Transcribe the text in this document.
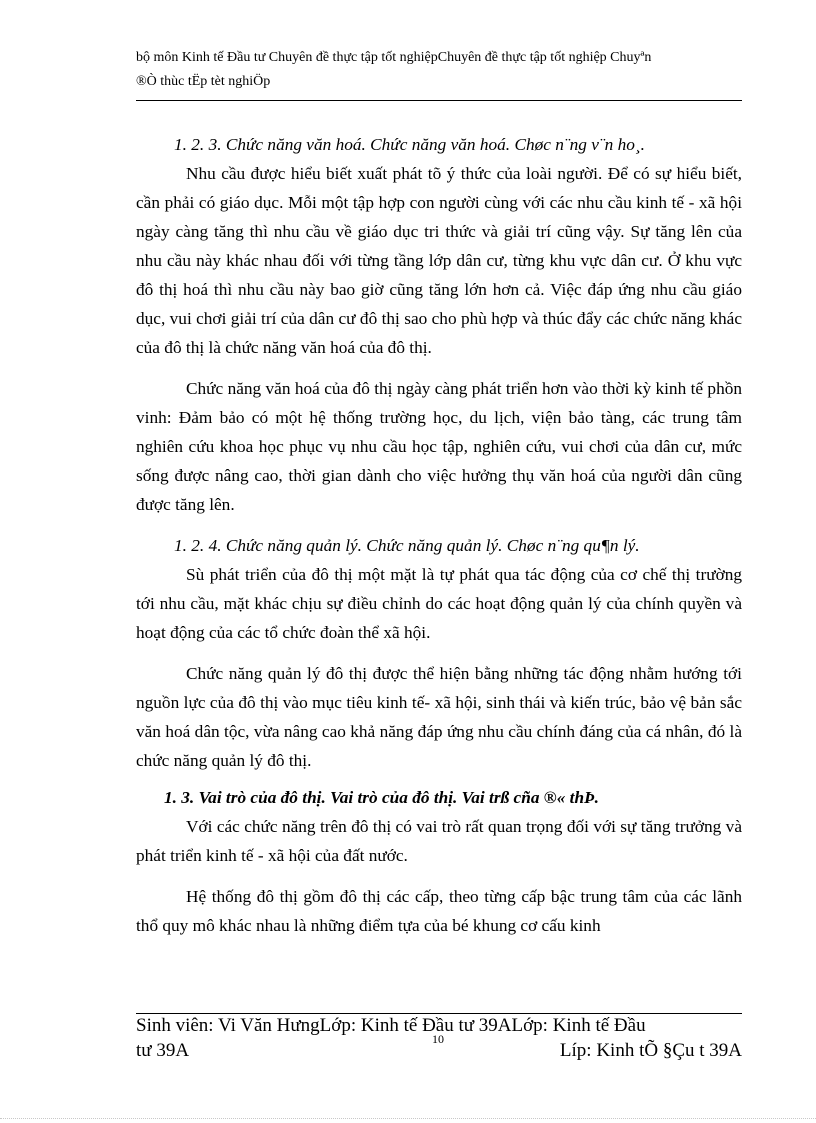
bộ môn Kinh tế Đầu tư Chuyên đề thực tập tốt nghiệpChuyên đề thực tập tốt nghiệp Chuyªn
®Ò thùc tËp tèt nghiÖp

1. 2. 3. Chức năng văn hoá. Chức năng văn hoá. Chøc n¨ng v¨n ho¸.

Nhu cầu được hiểu biết xuất phát tõ ý thức của loài người. Để có sự hiểu biết, cần phải có giáo dục. Mỗi một tập hợp con người cùng với các nhu cầu kinh tế - xã hội ngày càng tăng thì nhu cầu về giáo dục tri thức và giải trí cũng vậy. Sự tăng lên của nhu cầu này khác nhau đối với từng tầng lớp dân cư, từng khu vực dân cư. Ở khu vực đô thị hoá thì nhu cầu này bao giờ cũng tăng lớn hơn cả. Việc đáp ứng nhu cầu giáo dục, vui chơi giải trí của dân cư đô thị sao cho phù hợp và thúc đẩy các chức năng khác của đô thị là chức năng văn hoá của đô thị.

Chức năng văn hoá của đô thị ngày càng phát triển hơn vào thời kỳ kinh tế phồn vinh: Đảm bảo có một hệ thống trường học, du lịch, viện bảo tàng, các trung tâm nghiên cứu khoa học phục vụ nhu cầu học tập, nghiên cứu, vui chơi của dân cư, mức sống được nâng cao, thời gian dành cho việc hưởng thụ văn hoá của người dân cũng được tăng lên.

1. 2. 4. Chức năng quản lý. Chức năng quản lý. Chøc n¨ng qu¶n lý.

Sù phát triển của đô thị một mặt là tự phát qua tác động của cơ chế thị trường tới nhu cầu, mặt khác chịu sự điều chỉnh do các hoạt động quản lý của chính quyền và hoạt động của các tổ chức đoàn thể xã hội.

Chức năng quản lý đô thị được thể hiện bằng những tác động nhằm hướng tới nguồn lực của đô thị vào mục tiêu kinh tế- xã hội, sinh thái và kiến trúc, bảo vệ bản sắc văn hoá dân tộc, vừa nâng cao khả năng đáp ứng nhu cầu chính đáng của cá nhân, đó là chức năng quản lý đô thị.

1. 3. Vai trò của đô thị. Vai trò của đô thị. Vai trß cña ®« thÞ.

Với các chức năng trên đô thị có vai trò rất quan trọng đối với sự tăng trưởng và phát triển kinh tế - xã hội của đất nước.

Hệ thống đô thị gồm đô thị các cấp, theo từng cấp bậc trung tâm của các lãnh thổ quy mô khác nhau là những điểm tựa của bé khung cơ cấu kinh

Sinh viên: Vi Văn HưngLớp: Kinh tế Đầu tư 39ALớp: Kinh tế Đầu
tư 39A	Líp: Kinh tÕ §Çu t 39A
10
